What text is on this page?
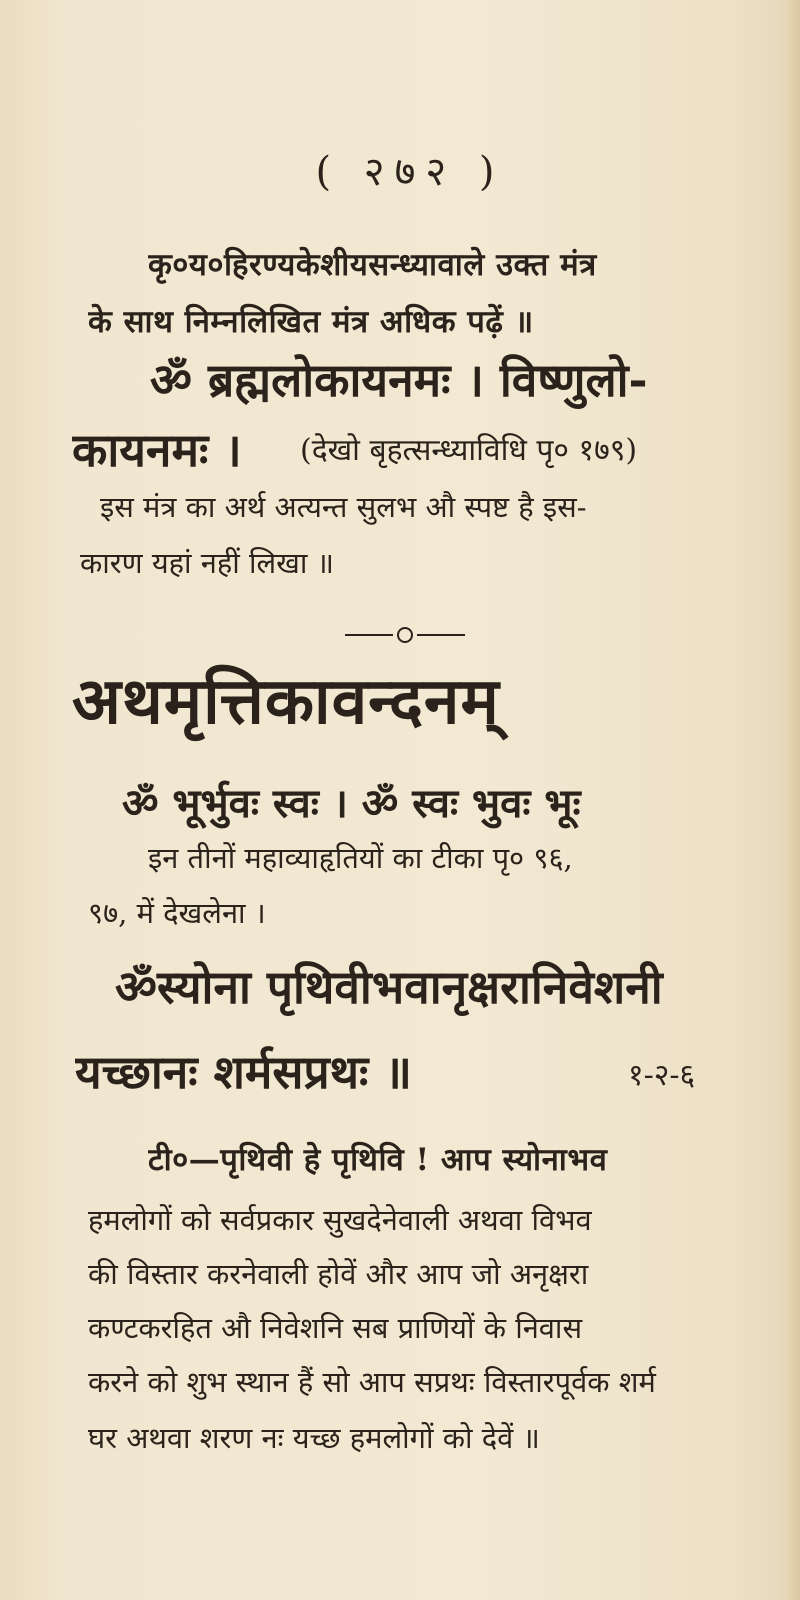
( २७२ )
कृ०य०हिरण्यकेशीयसन्ध्यावाले उक्त मंत्र
के साथ निम्नलिखित मंत्र अधिक पढ़ें ॥
ॐ ब्रह्मलोकायनमः । विष्णुलो-
कायनमः ।	(देखो बृहत्सन्ध्याविधि पृ० १७९)
इस मंत्र का अर्थ अत्यन्त सुलभ औ स्पष्ट है इस-
कारण यहां नहीं लिखा ॥
अथमृत्तिकावन्दनम्
ॐ भूर्भुवः स्वः । ॐ स्वः भुवः भूः
इन तीनों महाव्याहृतियों का टीका पृ० ९६,
९७, में देखलेना ।
ॐस्योना पृथिवीभवानृक्षरानिवेशनी
यच्छानः शर्मसप्रथः ॥	१-२-६
टी०—पृथिवी हे पृथिवि ! आप स्योनाभव
हमलोगों को सर्वप्रकार सुखदेनेवाली अथवा विभव
की विस्तार करनेवाली होवें और आप जो अनृक्षरा
कण्टकरहित औ निवेशनि सब प्राणियों के निवास
करने को शुभ स्थान हैं सो आप सप्रथः विस्तारपूर्वक शर्म
घर अथवा शरण नः यच्छ हमलोगों को देवें ॥
